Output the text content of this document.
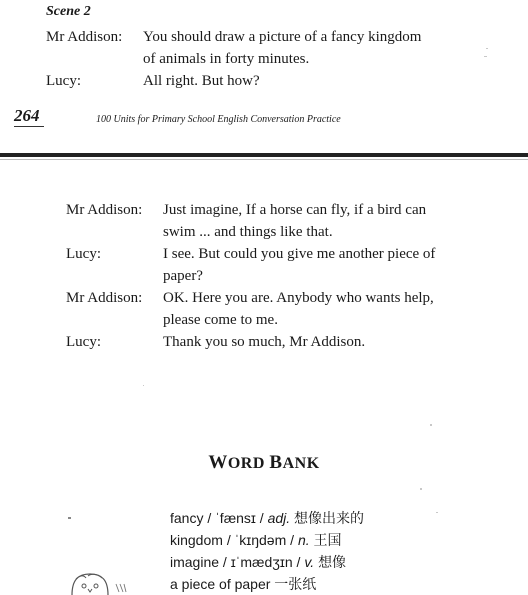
Scene 2
Mr Addison: You should draw a picture of a fancy kingdom
of animals in forty minutes.
Lucy:	All right. But how?
264	100 Units for Primary School English Conversation Practice
Mr Addison: Just imagine, If a horse can fly, if a bird can
swim ... and things like that.
Lucy:	I see. But could you give me another piece of
paper?
Mr Addison: OK. Here you are. Anybody who wants help,
please come to me.
Lucy:	Thank you so much, Mr Addison.
WORD BANK
fancy / ˈfænsɪ / adj. 想像出来的
kingdom / ˈkɪŋdəm / n. 王国
imagine / ɪˈmædʒɪn / v. 想像
a piece of paper 一张纸
